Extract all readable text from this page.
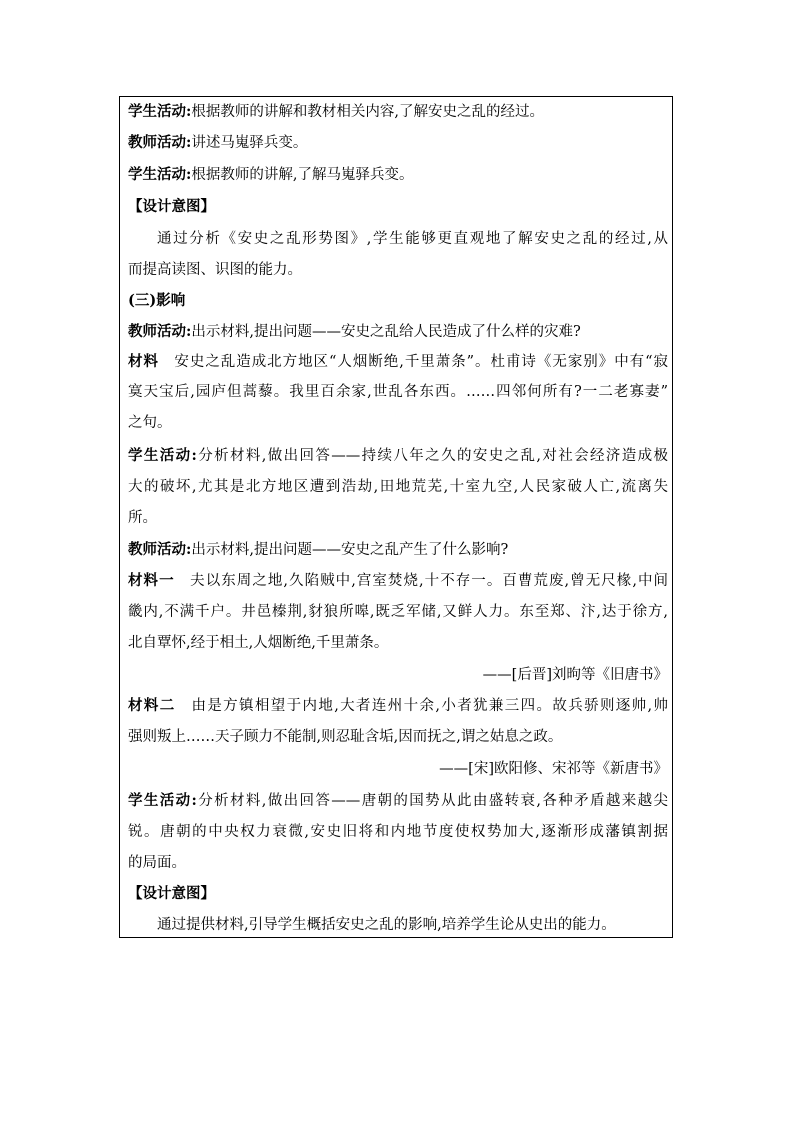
学生活动:根据教师的讲解和教材相关内容,了解安史之乱的经过。
教师活动:讲述马嵬驿兵变。
学生活动:根据教师的讲解,了解马嵬驿兵变。
【设计意图】
通过分析《安史之乱形势图》,学生能够更直观地了解安史之乱的经过,从
而提高读图、识图的能力。
(三)影响
教师活动:出示材料,提出问题——安史之乱给人民造成了什么样的灾难?
材料　安史之乱造成北方地区“人烟断绝,千里萧条”。杜甫诗《无家别》中有“寂
寞天宝后,园庐但蒿藜。我里百余家,世乱各东西。……四邻何所有?一二老寡妻”
之句。
学生活动:分析材料,做出回答——持续八年之久的安史之乱,对社会经济造成极
大的破坏,尤其是北方地区遭到浩劫,田地荒芜,十室九空,人民家破人亡,流离失
所。
教师活动:出示材料,提出问题——安史之乱产生了什么影响?
材料一　夫以东周之地,久陷贼中,宫室焚烧,十不存一。百曹荒废,曾无尺椽,中间
畿内,不满千户。井邑榛荆,豺狼所嗥,既乏军储,又鲜人力。东至郑、汴,达于徐方,
北自覃怀,经于相土,人烟断绝,千里萧条。
——[后晋]刘昫等《旧唐书》
材料二　由是方镇相望于内地,大者连州十余,小者犹兼三四。故兵骄则逐帅,帅
强则叛上……天子顾力不能制,则忍耻含垢,因而抚之,谓之姑息之政。
——[宋]欧阳修、宋祁等《新唐书》
学生活动:分析材料,做出回答——唐朝的国势从此由盛转衰,各种矛盾越来越尖
锐。唐朝的中央权力衰微,安史旧将和内地节度使权势加大,逐渐形成藩镇割据
的局面。
【设计意图】
通过提供材料,引导学生概括安史之乱的影响,培养学生论从史出的能力。
